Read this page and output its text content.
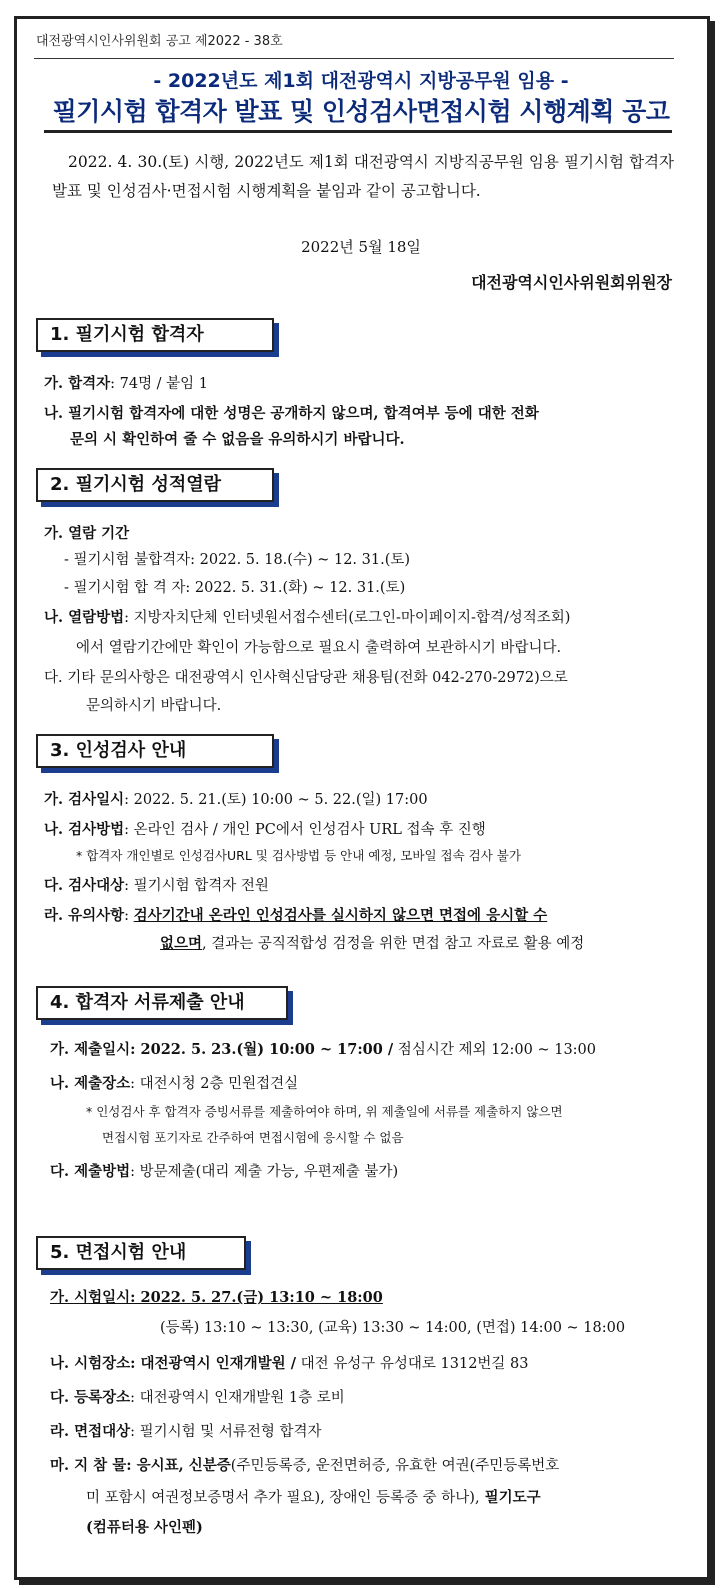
대전광역시인사위원회 공고 제2022 - 38호
- 2022년도 제1회 대전광역시 지방공무원 임용 -
필기시험 합격자 발표 및 인성검사면접시험 시행계획 공고
2022. 4. 30.(토) 시행, 2022년도 제1회 대전광역시 지방직공무원 임용 필기시험 합격자 발표 및 인성검사·면접시험 시행계획을 붙임과 같이 공고합니다.
2022년 5월 18일
대전광역시인사위원회위원장
1. 필기시험 합격자
가. 합격자: 74명 / 붙임 1
나. 필기시험 합격자에 대한 성명은 공개하지 않으며, 합격여부 등에 대한 전화
문의 시 확인하여 줄 수 없음을 유의하시기 바랍니다.
2. 필기시험 성적열람
가. 열람 기간
- 필기시험 불합격자: 2022. 5. 18.(수) ~ 12. 31.(토)
- 필기시험 합 격 자: 2022. 5. 31.(화) ~ 12. 31.(토)
나. 열람방법: 지방자치단체 인터넷원서접수센터(로그인-마이페이지-합격/성적조회)
에서 열람기간에만 확인이 가능함으로 필요시 출력하여 보관하시기 바랍니다.
다. 기타 문의사항은 대전광역시 인사혁신담당관 채용팀(전화 042-270-2972)으로
문의하시기 바랍니다.
3. 인성검사 안내
가. 검사일시: 2022. 5. 21.(토) 10:00 ~ 5. 22.(일) 17:00
나. 검사방법: 온라인 검사 / 개인 PC에서 인성검사 URL 접속 후 진행
* 합격자 개인별로 인성검사URL 및 검사방법 등 안내 예정, 모바일 접속 검사 불가
다. 검사대상: 필기시험 합격자 전원
라. 유의사항: 검사기간내 온라인 인성검사를 실시하지 않으면 면접에 응시할 수
없으며, 결과는 공직적합성 검정을 위한 면접 참고 자료로 활용 예정
4. 합격자 서류제출 안내
가. 제출일시: 2022. 5. 23.(월) 10:00 ~ 17:00 / 점심시간 제외 12:00 ~ 13:00
나. 제출장소: 대전시청 2층 민원접견실
* 인성검사 후 합격자 증빙서류를 제출하여야 하며, 위 제출일에 서류를 제출하지 않으면
면접시험 포기자로 간주하여 면접시험에 응시할 수 없음
다. 제출방법: 방문제출(대리 제출 가능, 우편제출 불가)
5. 면접시험 안내
가. 시험일시: 2022. 5. 27.(금) 13:10 ~ 18:00
(등록) 13:10 ~ 13:30, (교육) 13:30 ~ 14:00, (면접) 14:00 ~ 18:00
나. 시험장소: 대전광역시 인재개발원 / 대전 유성구 유성대로 1312번길 83
다. 등록장소: 대전광역시 인재개발원 1층 로비
라. 면접대상: 필기시험 및 서류전형 합격자
마. 지 참 물: 응시표, 신분증(주민등록증, 운전면허증, 유효한 여권(주민등록번호
미 포함시 여권정보증명서 추가 필요), 장애인 등록증 중 하나), 필기도구
(컴퓨터용 사인펜)
